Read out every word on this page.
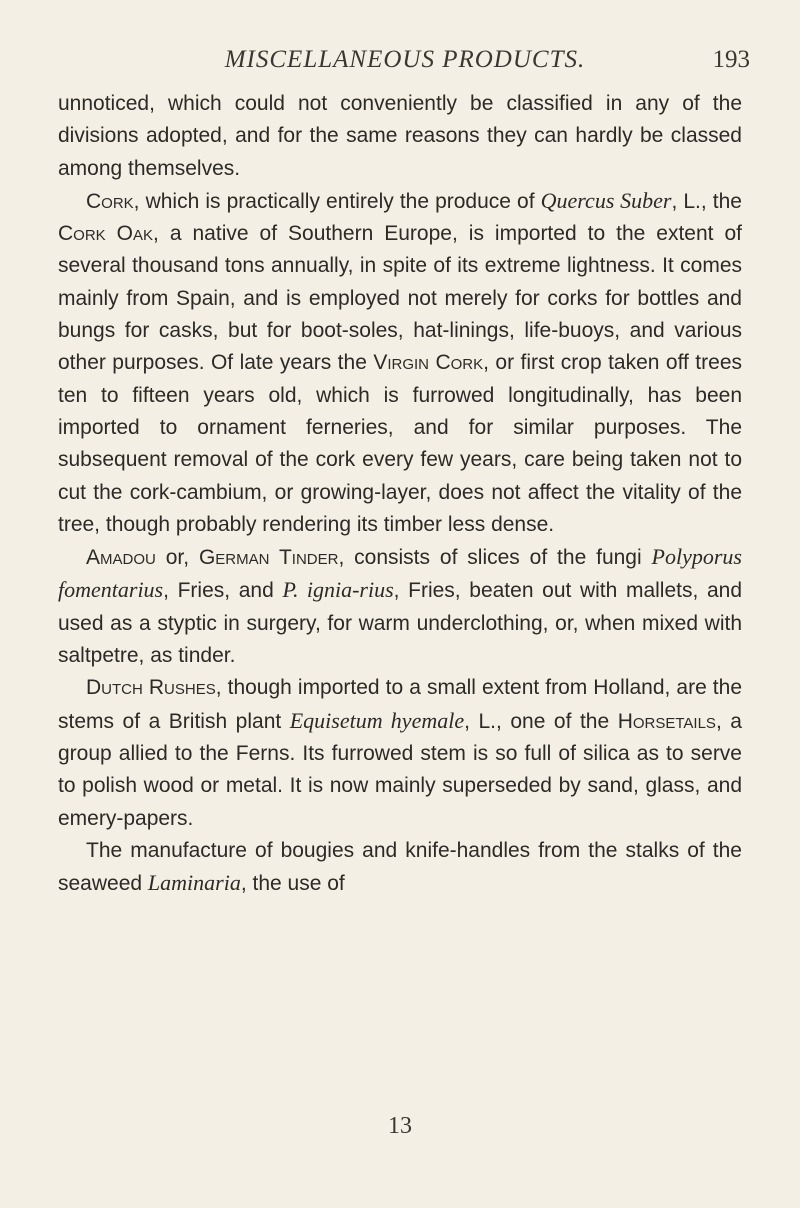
MISCELLANEOUS PRODUCTS.	193

unnoticed, which could not conveniently be classified in any of the divisions adopted, and for the same reasons they can hardly be classed among themselves.

Cork, which is practically entirely the produce of Quercus Suber, L., the Cork Oak, a native of Southern Europe, is imported to the extent of several thousand tons annually, in spite of its extreme lightness. It comes mainly from Spain, and is employed not merely for corks for bottles and bungs for casks, but for boot-soles, hat-linings, life-buoys, and various other purposes. Of late years the Virgin Cork, or first crop taken off trees ten to fifteen years old, which is furrowed longitudinally, has been imported to ornament ferneries, and for similar purposes. The subsequent removal of the cork every few years, care being taken not to cut the cork-cambium, or growing-layer, does not affect the vitality of the tree, though probably rendering its timber less dense.

Amadou or, German Tinder, consists of slices of the fungi Polyporus fomentarius, Fries, and P. ignia-rius, Fries, beaten out with mallets, and used as a styptic in surgery, for warm underclothing, or, when mixed with saltpetre, as tinder.

Dutch Rushes, though imported to a small extent from Holland, are the stems of a British plant Equisetum hyemale, L., one of the Horsetails, a group allied to the Ferns. Its furrowed stem is so full of silica as to serve to polish wood or metal. It is now mainly superseded by sand, glass, and emery-papers.

The manufacture of bougies and knife-handles from the stalks of the seaweed Laminaria, the use of

13
